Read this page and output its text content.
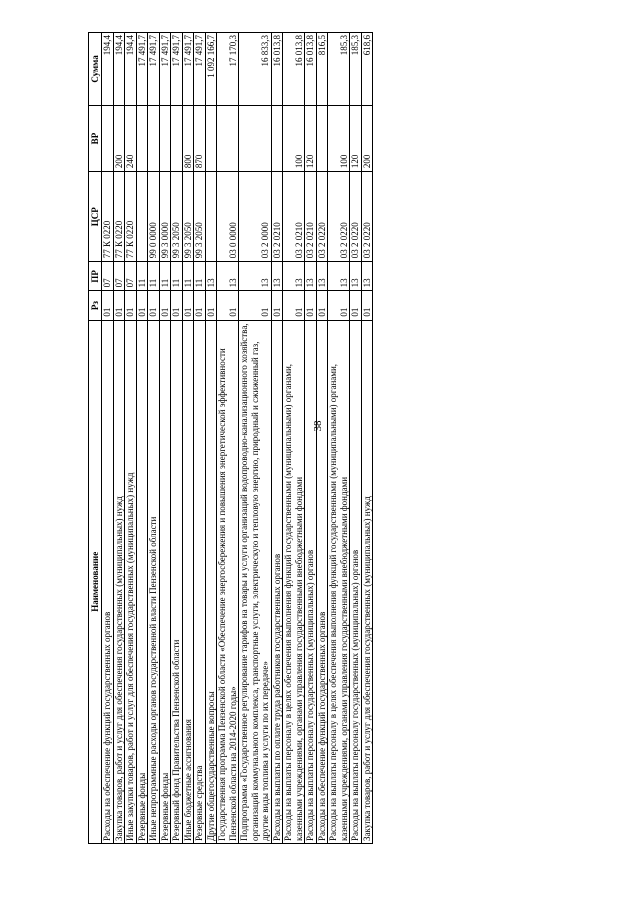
38
Наименование	Рз	ПР	ЦСР	ВР	Сумма
Расходы на обеспечение функций государственных органов	01	07	77 К 0220		194,4
Закупка товаров, работ и услуг для обеспечения государственных (муниципальных) нужд	01	07	77 К 0220	200	194,4
Иные закупки товаров, работ и услуг для обеспечения государственных (муниципальных) нужд	01	07	77 К 0220	240	194,4
Резервные фонды	01	11			17 491,7
Иные непрограммные расходы органов государственной власти Пензенской области	01	11	99 0 0000		17 491,7
Резервные фонды	01	11	99 3 0000		17 491,7
Резервный фонд Правительства Пензенской области	01	11	99 3 2050		17 491,7
Иные бюджетные ассигнования	01	11	99 3 2050	800	17 491,7
Резервные средства	01	11	99 3 2050	870	17 491,7
Другие общегосударственные вопросы	01	13			1 092 166,7
Государственная программа Пензенской области «Обеспечение энергосбережения и повышения энергетической эффективности Пензенской области на 2014-2020 годы»	01	13	03 0 0000		17 170,3
Подпрограмма «Государственное регулирование тарифов на товары и услуги организаций водопроводно-канализационного хозяйства, организаций коммунального комплекса, транспортные услуги, электрическую и тепловую энергию, природный и сжиженный газ, другие виды топлива и услуги по их передаче»	01	13	03 2 0000		16 833,3
Расходы на выплаты по оплате труда работников государственных органов	01	13	03 2 0210		16 013,8
Расходы на выплаты персоналу в целях обеспечения выполнения функций государственными (муниципальными) органами, казенными учреждениями, органами управления государственными внебюджетными фондами	01	13	03 2 0210	100	16 013,8
Расходы на выплаты персоналу государственных (муниципальных) органов	01	13	03 2 0210	120	16 013,8
Расходы на обеспечение функций государственных органов	01	13	03 2 0220		816,5
Расходы на выплаты персоналу в целях обеспечения выполнения функций государственными (муниципальными) органами, казенными учреждениями, органами управления государственными внебюджетными фондами	01	13	03 2 0220	100	185,3
Расходы на выплаты персоналу государственных (муниципальных) органов	01	13	03 2 0220	120	185,3
Закупка товаров, работ и услуг для обеспечения государственных (муниципальных) нужд	01	13	03 2 0220	200	618,6
